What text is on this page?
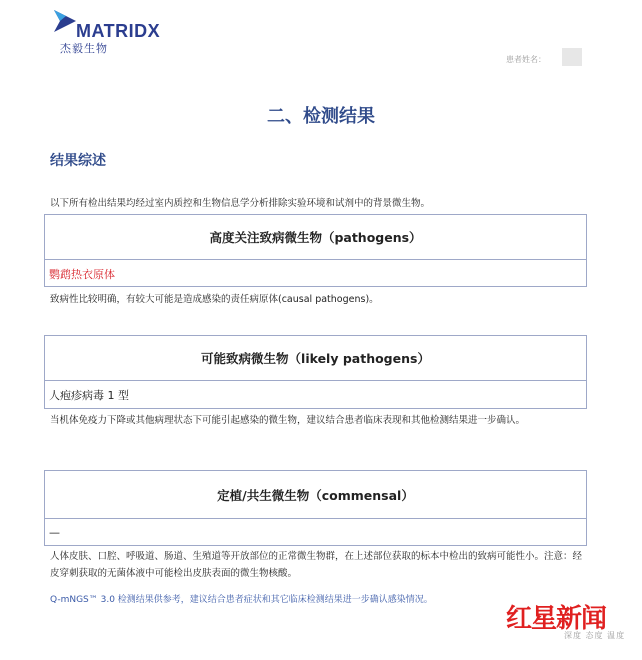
MATRIDX
杰毅生物
患者姓名：
二、检测结果
结果综述
以下所有检出结果均经过室内质控和生物信息学分析排除实验环境和试剂中的背景微生物。
高度关注致病微生物（pathogens）
鹦鹉热衣原体
致病性比较明确，有较大可能是造成感染的责任病原体(causal pathogens)。
可能致病微生物（likely pathogens）
人疱疹病毒 1 型
当机体免疫力下降或其他病理状态下可能引起感染的微生物，建议结合患者临床表现和其他检测结果进一步确认。
定植/共生微生物（commensal）
—
人体皮肤、口腔、呼吸道、肠道、生殖道等开放部位的正常微生物群，在上述部位获取的标本中检出的致病可能性小。注意：经皮穿刺获取的无菌体液中可能检出皮肤表面的微生物核酸。
Q-mNGS™ 3.0 检测结果供参考，建议结合患者症状和其它临床检测结果进一步确认感染情况。
红星新闻
深度 态度 温度
